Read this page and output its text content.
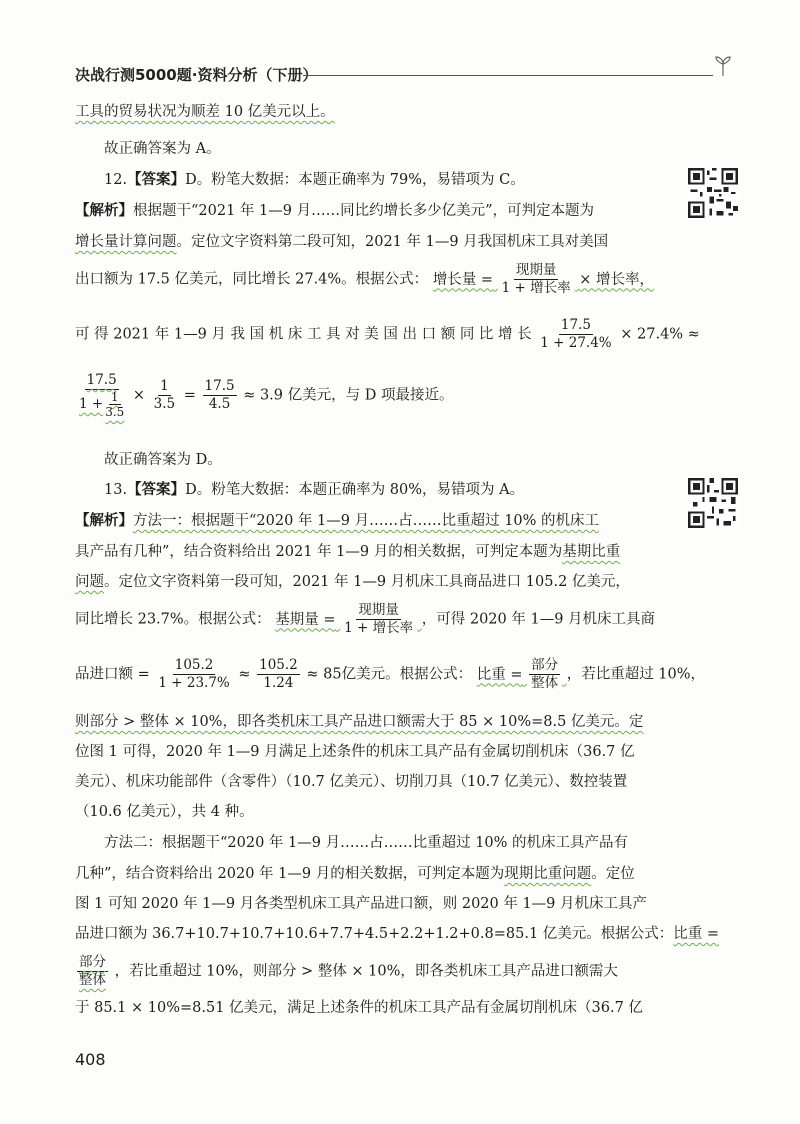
决战行测5000题·资料分析（下册）
工具的贸易状况为顺差 10 亿美元以上。
故正确答案为 A。
12.【答案】D。粉笔大数据：本题正确率为 79%，易错项为 C。
【解析】根据题干“2021 年 1—9 月……同比约增长多少亿美元”，可判定本题为
增长量计算问题。定位文字资料第二段可知，2021 年 1—9 月我国机床工具对美国
出口额为 17.5 亿美元，同比增长 27.4%。根据公式： 增长量 = $\frac{\text{现期量}}{\text{1 + 增长率}}$ × 增长率，
可 得 2021 年 1—9 月 我 国 机 床 工 具 对 美 国 出 口 额 同 比 增 长 $\frac{17.5}{1 + 27.4\%} \times 27.4\%$ ≈
$\frac{17.5}{1 + \frac{1}{3.5}} \times \frac{1}{3.5} = \frac{17.5}{4.5} \approx 3.9$ 亿美元，与 D 项最接近。
故正确答案为 D。
13.【答案】D。粉笔大数据：本题正确率为 80%，易错项为 A。
【解析】方法一：根据题干“2020 年 1—9 月……占……比重超过 10% 的机床工
具产品有几种”，结合资料给出 2021 年 1—9 月的相关数据，可判定本题为基期比重
问题。定位文字资料第一段可知，2021 年 1—9 月机床工具商品进口 105.2 亿美元，
同比增长 23.7%。根据公式： 基期量 = $\frac{\text{现期量}}{\text{1 + 增长率}}$ ，可得 2020 年 1—9 月机床工具商
品进口额 = $\frac{105.2}{1 + 23.7\%} \approx \frac{105.2}{1.24} \approx 85$亿美元。根据公式： 比重 = $\frac{\text{部分}}{\text{整体}}$ ，若比重超过 10%，
则部分 > 整体 × 10%，即各类机床工具产品进口额需大于 85 × 10%=8.5 亿美元。定
位图 1 可得，2020 年 1—9 月满足上述条件的机床工具产品有金属切削机床（36.7 亿
美元）、机床功能部件（含零件）（10.7 亿美元）、切削刀具（10.7 亿美元）、数控装置
（10.6 亿美元），共 4 种。
方法二：根据题干“2020 年 1—9 月……占……比重超过 10% 的机床工具产品有
几种”，结合资料给出 2020 年 1—9 月的相关数据，可判定本题为现期比重问题。定位
图 1 可知 2020 年 1—9 月各类型机床工具产品进口额，则 2020 年 1—9 月机床工具产
品进口额为 36.7+10.7+10.7+10.6+7.7+4.5+2.2+1.2+0.8=85.1 亿美元。根据公式：比重 =
$\frac{\text{部分}}{\text{整体}}$ ，若比重超过 10%，则部分 > 整体 × 10%，即各类机床工具产品进口额需大
于 85.1 × 10%=8.51 亿美元，满足上述条件的机床工具产品有金属切削机床（36.7 亿
408
